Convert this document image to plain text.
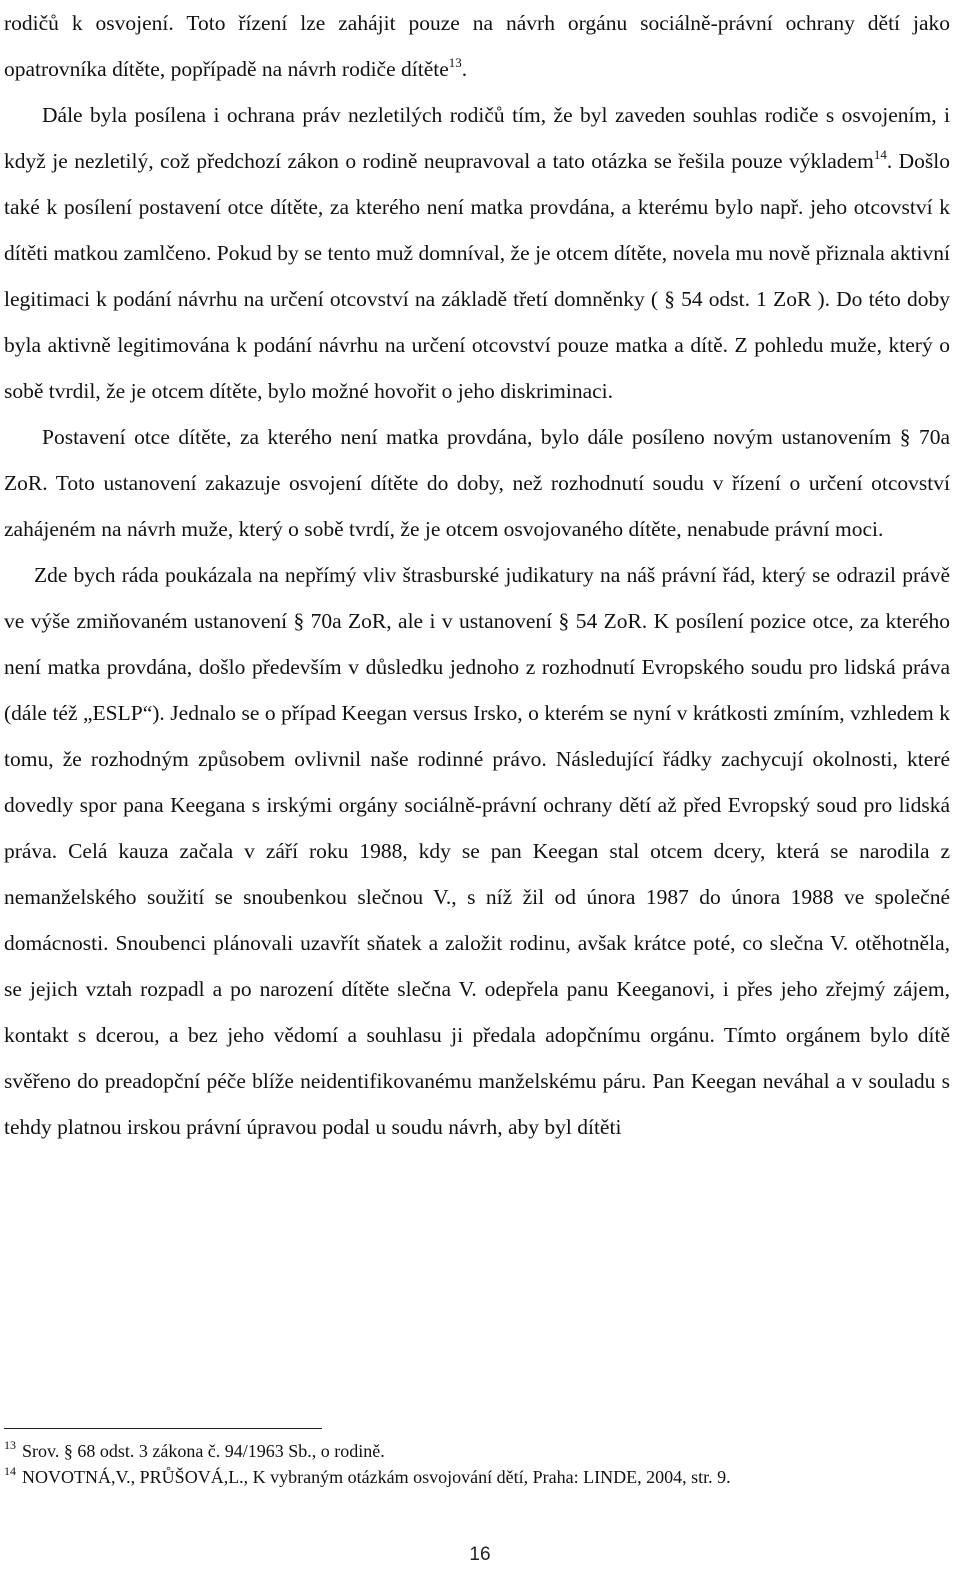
rodičů k osvojení. Toto řízení lze zahájit pouze na návrh orgánu sociálně-právní ochrany dětí jako opatrovníka dítěte, popřípadě na návrh rodiče dítěte$^{13}$.

Dále byla posílena i ochrana práv nezletilých rodičů tím, že byl zaveden souhlas rodiče s osvojením, i když je nezletilý, což předchozí zákon o rodině neupravoval a tato otázka se řešila pouze výkladem$^{14}$. Došlo také k posílení postavení otce dítěte, za kterého není matka provdána, a kterému bylo např. jeho otcovství k dítěti matkou zamlčeno. Pokud by se tento muž domníval, že je otcem dítěte, novela mu nově přiznala aktivní legitimaci k podání návrhu na určení otcovství na základě třetí domněnky ( § 54 odst. 1 ZoR ). Do této doby byla aktivně legitimována k podání návrhu na určení otcovství pouze matka a dítě. Z pohledu muže, který o sobě tvrdil, že je otcem dítěte, bylo možné hovořit o jeho diskriminaci.

Postavení otce dítěte, za kterého není matka provdána, bylo dále posíleno novým ustanovením § 70a ZoR. Toto ustanovení zakazuje osvojení dítěte do doby, než rozhodnutí soudu v řízení o určení otcovství zahájeném na návrh muže, který o sobě tvrdí, že je otcem osvojovaného dítěte, nenabude právní moci.

Zde bych ráda poukázala na nepřímý vliv štrasburské judikatury na náš právní řád, který se odrazil právě ve výše zmiňovaném ustanovení § 70a ZoR, ale i v ustanovení § 54 ZoR. K posílení pozice otce, za kterého není matka provdána, došlo především v důsledku jednoho z rozhodnutí Evropského soudu pro lidská práva (dále též „ESLP“). Jednalo se o případ Keegan versus Irsko, o kterém se nyní v krátkosti zmíním, vzhledem k tomu, že rozhodným způsobem ovlivnil naše rodinné právo. Následující řádky zachycují okolnosti, které dovedly spor pana Keegana s irskými orgány sociálně-právní ochrany dětí až před Evropský soud pro lidská práva. Celá kauza začala v září roku 1988, kdy se pan Keegan stal otcem dcery, která se narodila z nemanželského soužití se snoubenkou slečnou V., s níž žil od února 1987 do února 1988 ve společné domácnosti. Snoubenci plánovali uzavřít sňatek a založit rodinu, avšak krátce poté, co slečna V. otěhotněla, se jejich vztah rozpadl a po narození dítěte slečna V. odepřela panu Keeganovi, i přes jeho zřejmý zájem, kontakt s dcerou, a bez jeho vědomí a souhlasu ji předala adopčnímu orgánu. Tímto orgánem bylo dítě svěřeno do preadopční péče blíže neidentifikovanému manželskému páru. Pan Keegan neváhal a v souladu s tehdy platnou irskou právní úpravou podal u soudu návrh, aby byl dítěti

$^{13}$ Srov. § 68 odst. 3 zákona č. 94/1963 Sb., o rodině.

$^{14}$ NOVOTNÁ,V., PRŮŠOVÁ,L., K vybraným otázkám osvojování dětí, Praha: LINDE, 2004, str. 9.

16
